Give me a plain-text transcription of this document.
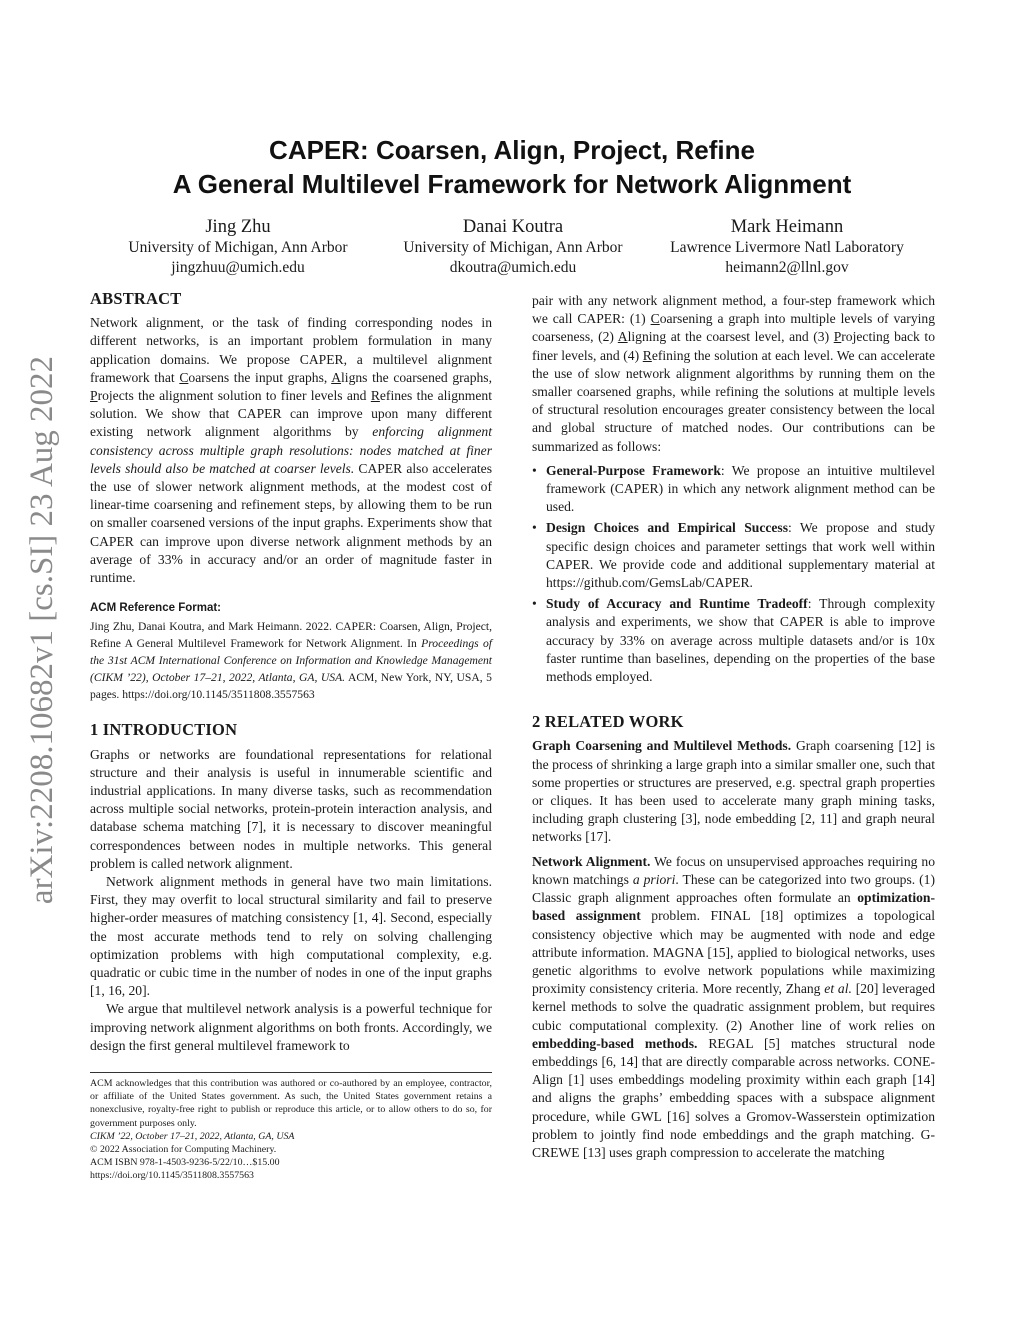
arXiv:2208.10682v1 [cs.SI] 23 Aug 2022
CAPER: Coarsen, Align, Project, Refine
A General Multilevel Framework for Network Alignment
Jing Zhu
University of Michigan, Ann Arbor
jingzhuu@umich.edu
Danai Koutra
University of Michigan, Ann Arbor
dkoutra@umich.edu
Mark Heimann
Lawrence Livermore Natl Laboratory
heimann2@llnl.gov
ABSTRACT

Network alignment, or the task of finding corresponding nodes in different networks, is an important problem formulation in many application domains. We propose CAPER, a multilevel alignment framework that Coarsens the input graphs, Aligns the coarsened graphs, Projects the alignment solution to finer levels and Refines the alignment solution. We show that CAPER can improve upon many different existing network alignment algorithms by enforcing alignment consistency across multiple graph resolutions: nodes matched at finer levels should also be matched at coarser levels. CAPER also accelerates the use of slower network alignment methods, at the modest cost of linear-time coarsening and refinement steps, by allowing them to be run on smaller coarsened versions of the input graphs. Experiments show that CAPER can improve upon diverse network alignment methods by an average of 33% in accuracy and/or an order of magnitude faster in runtime.

ACM Reference Format:

Jing Zhu, Danai Koutra, and Mark Heimann. 2022. CAPER: Coarsen, Align, Project, Refine A General Multilevel Framework for Network Alignment. In Proceedings of the 31st ACM International Conference on Information and Knowledge Management (CIKM ’22), October 17–21, 2022, Atlanta, GA, USA. ACM, New York, NY, USA, 5 pages. https://doi.org/10.1145/3511808.3557563

1 INTRODUCTION

Graphs or networks are foundational representations for relational structure and their analysis is useful in innumerable scientific and industrial applications. In many diverse tasks, such as recommendation across multiple social networks, protein-protein interaction analysis, and database schema matching [7], it is necessary to discover meaningful correspondences between nodes in multiple networks. This general problem is called network alignment.

Network alignment methods in general have two main limitations. First, they may overfit to local structural similarity and fail to preserve higher-order measures of matching consistency [1, 4]. Second, especially the most accurate methods tend to rely on solving challenging optimization problems with high computational complexity, e.g. quadratic or cubic time in the number of nodes in one of the input graphs [1, 16, 20].

We argue that multilevel network analysis is a powerful technique for improving network alignment algorithms on both fronts. Accordingly, we design the first general multilevel framework to

ACM acknowledges that this contribution was authored or co-authored by an employee, contractor, or affiliate of the United States government. As such, the United States government retains a nonexclusive, royalty-free right to publish or reproduce this article, or to allow others to do so, for government purposes only.
CIKM ’22, October 17–21, 2022, Atlanta, GA, USA
© 2022 Association for Computing Machinery.
ACM ISBN 978-1-4503-9236-5/22/10…$15.00
https://doi.org/10.1145/3511808.3557563

pair with any network alignment method, a four-step framework which we call CAPER: (1) Coarsening a graph into multiple levels of varying coarseness, (2) Aligning at the coarsest level, and (3) Projecting back to finer levels, and (4) Refining the solution at each level. We can accelerate the use of slow network alignment algorithms by running them on the smaller coarsened graphs, while refining the solutions at multiple levels of structural resolution encourages greater consistency between the local and global structure of matched nodes. Our contributions can be summarized as follows:

• General-Purpose Framework: We propose an intuitive multilevel framework (CAPER) in which any network alignment method can be used.
• Design Choices and Empirical Success: We propose and study specific design choices and parameter settings that work well within CAPER. We provide code and additional supplementary material at https://github.com/GemsLab/CAPER.
• Study of Accuracy and Runtime Tradeoff: Through complexity analysis and experiments, we show that CAPER is able to improve accuracy by 33% on average across multiple datasets and/or is 10x faster runtime than baselines, depending on the properties of the base methods employed.
2 RELATED WORK

Graph Coarsening and Multilevel Methods. Graph coarsening [12] is the process of shrinking a large graph into a similar smaller one, such that some properties or structures are preserved, e.g. spectral graph properties or cliques. It has been used to accelerate many graph mining tasks, including graph clustering [3], node embedding [2, 11] and graph neural networks [17].

Network Alignment. We focus on unsupervised approaches requiring no known matchings a priori. These can be categorized into two groups. (1) Classic graph alignment approaches often formulate an optimization-based assignment problem. FINAL [18] optimizes a topological consistency objective which may be augmented with node and edge attribute information. MAGNA [15], applied to biological networks, uses genetic algorithms to evolve network populations while maximizing proximity consistency criteria. More recently, Zhang et al. [20] leveraged kernel methods to solve the quadratic assignment problem, but requires cubic computational complexity. (2) Another line of work relies on embedding-based methods. REGAL [5] matches structural node embeddings [6, 14] that are directly comparable across networks. CONE-Align [1] uses embeddings modeling proximity within each graph [14] and aligns the graphs’ embedding spaces with a subspace alignment procedure, while GWL [16] solves a Gromov-Wasserstein optimization problem to jointly find node embeddings and the graph matching. G-CREWE [13] uses graph compression to accelerate the matching
